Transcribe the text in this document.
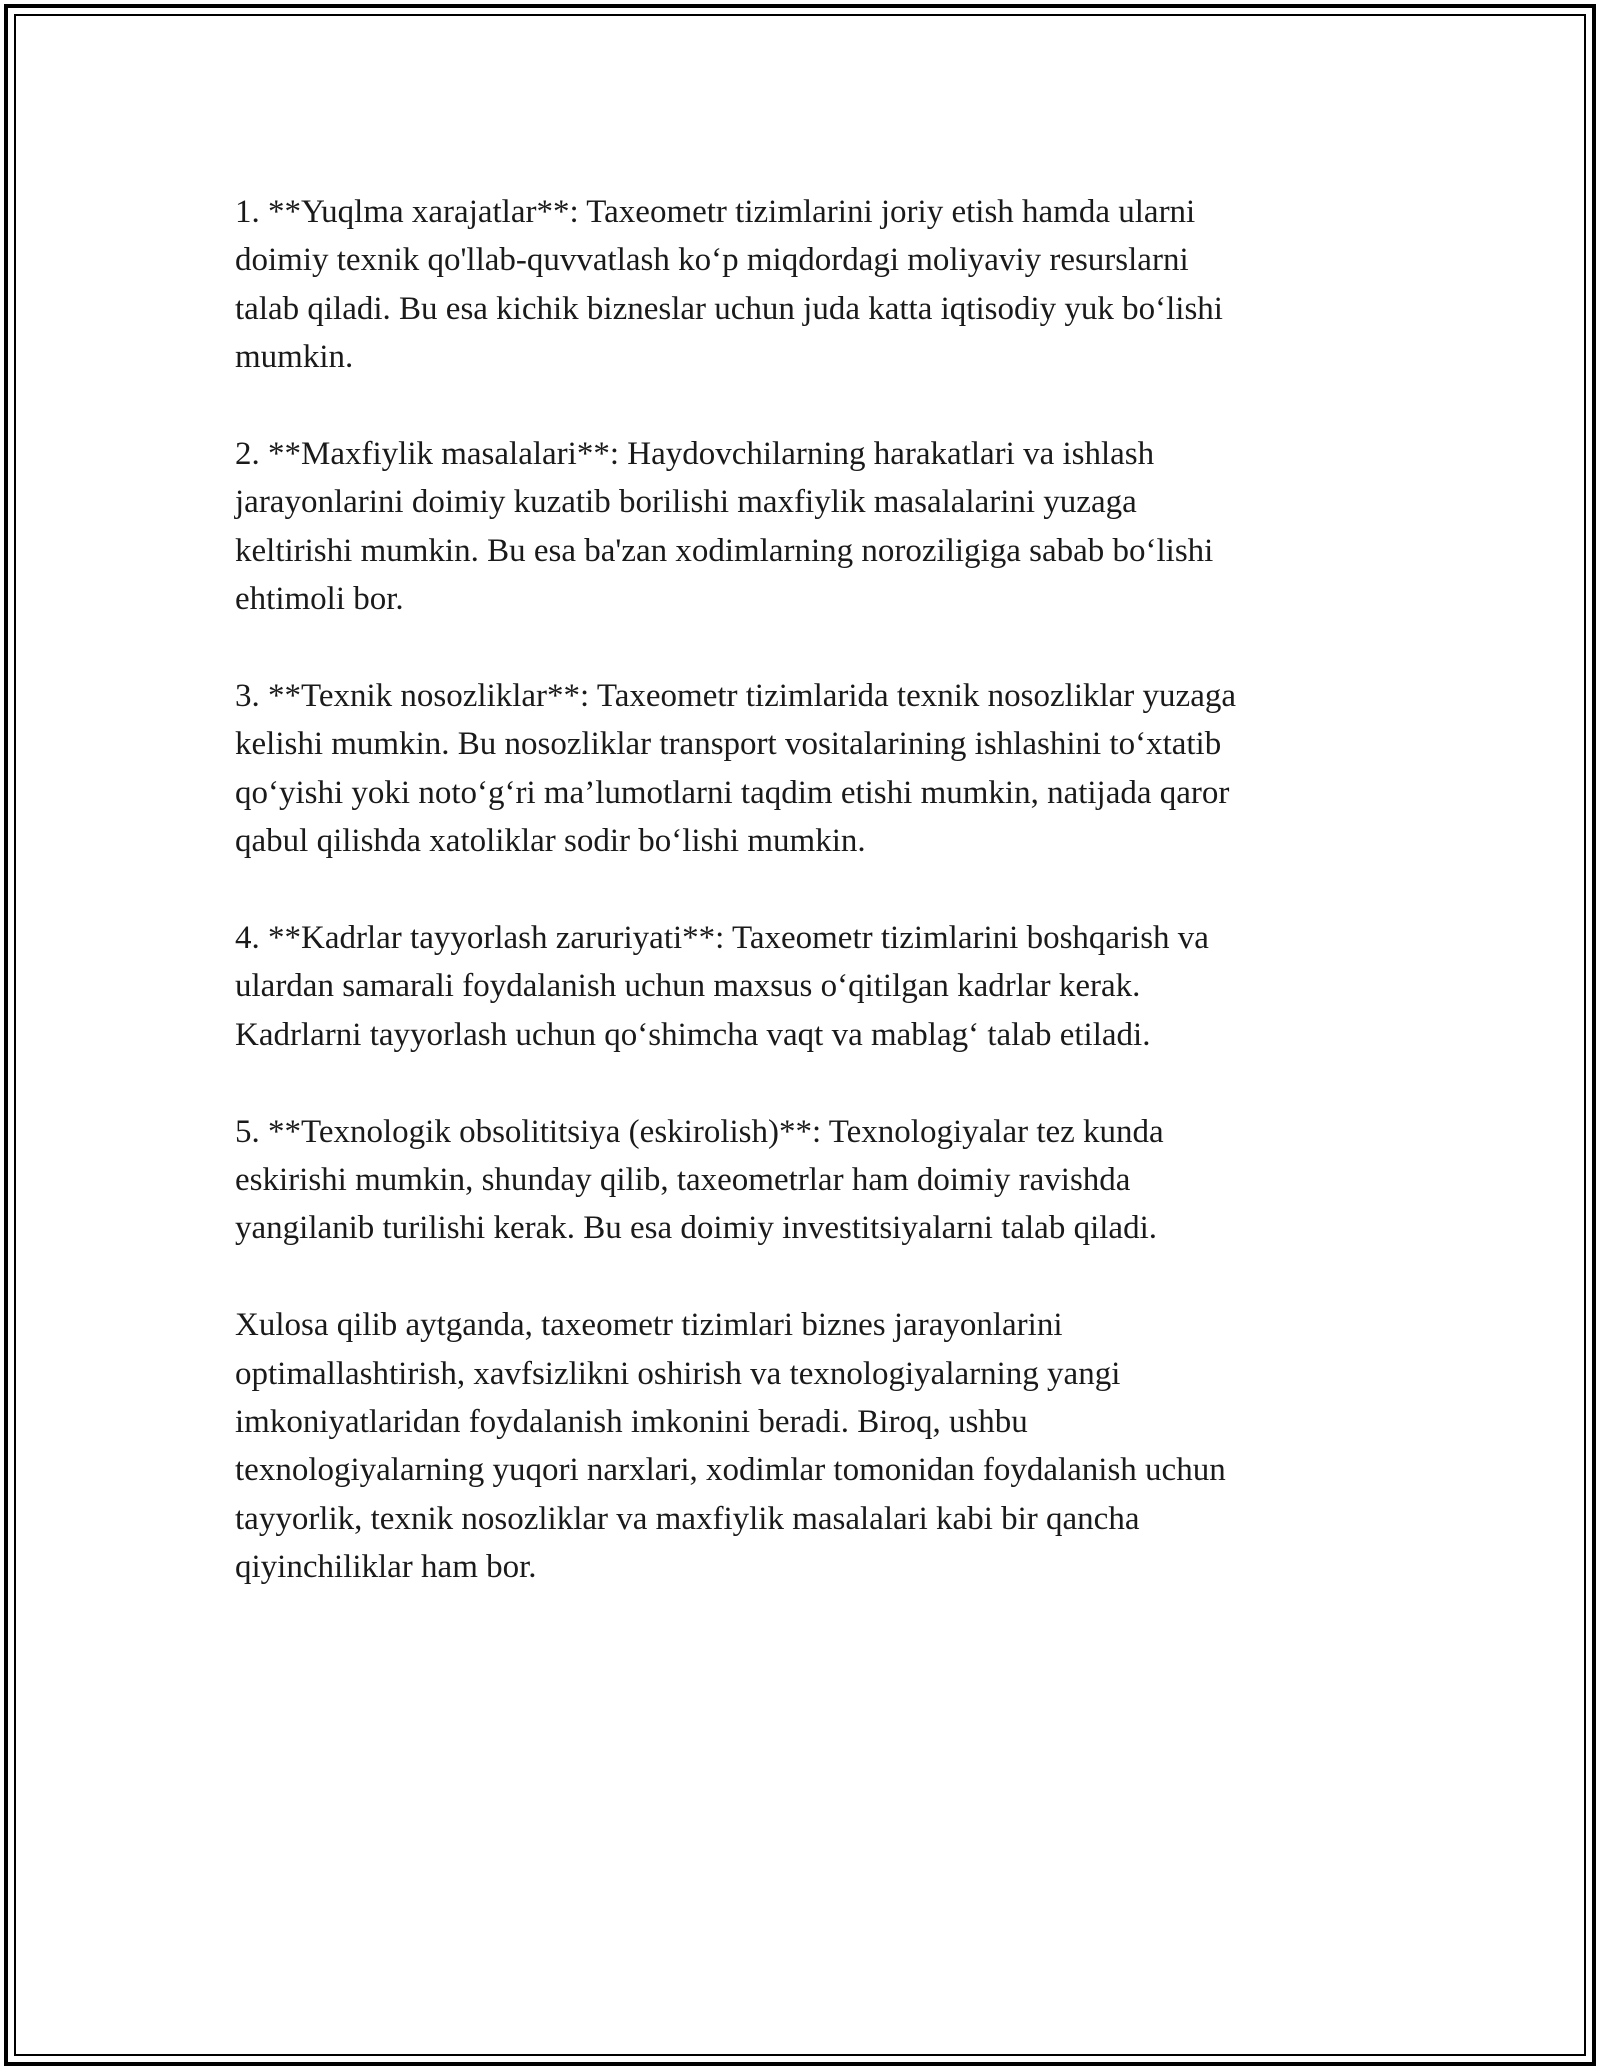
1. **Yuqlma xarajatlar**: Taxeometr tizimlarini joriy etish hamda ularni
doimiy texnik qo'llab-quvvatlash ko‘p miqdordagi moliyaviy resurslarni
talab qiladi. Bu esa kichik bizneslar uchun juda katta iqtisodiy yuk bo‘lishi
mumkin.

2. **Maxfiylik masalalari**: Haydovchilarning harakatlari va ishlash
jarayonlarini doimiy kuzatib borilishi maxfiylik masalalarini yuzaga
keltirishi mumkin. Bu esa ba'zan xodimlarning noroziligiga sabab bo‘lishi
ehtimoli bor.

3. **Texnik nosozliklar**: Taxeometr tizimlarida texnik nosozliklar yuzaga
kelishi mumkin. Bu nosozliklar transport vositalarining ishlashini to‘xtatib
qo‘yishi yoki noto‘g‘ri ma’lumotlarni taqdim etishi mumkin, natijada qaror
qabul qilishda xatoliklar sodir bo‘lishi mumkin.

4. **Kadrlar tayyorlash zaruriyati**: Taxeometr tizimlarini boshqarish va
ulardan samarali foydalanish uchun maxsus o‘qitilgan kadrlar kerak.
Kadrlarni tayyorlash uchun qo‘shimcha vaqt va mablag‘ talab etiladi.

5. **Texnologik obsolititsiya (eskirolish)**: Texnologiyalar tez kunda
eskirishi mumkin, shunday qilib, taxeometrlar ham doimiy ravishda
yangilanib turilishi kerak. Bu esa doimiy investitsiyalarni talab qiladi.

Xulosa qilib aytganda, taxeometr tizimlari biznes jarayonlarini
optimallashtirish, xavfsizlikni oshirish va texnologiyalarning yangi
imkoniyatlaridan foydalanish imkonini beradi. Biroq, ushbu
texnologiyalarning yuqori narxlari, xodimlar tomonidan foydalanish uchun
tayyorlik, texnik nosozliklar va maxfiylik masalalari kabi bir qancha
qiyinchiliklar ham bor.
